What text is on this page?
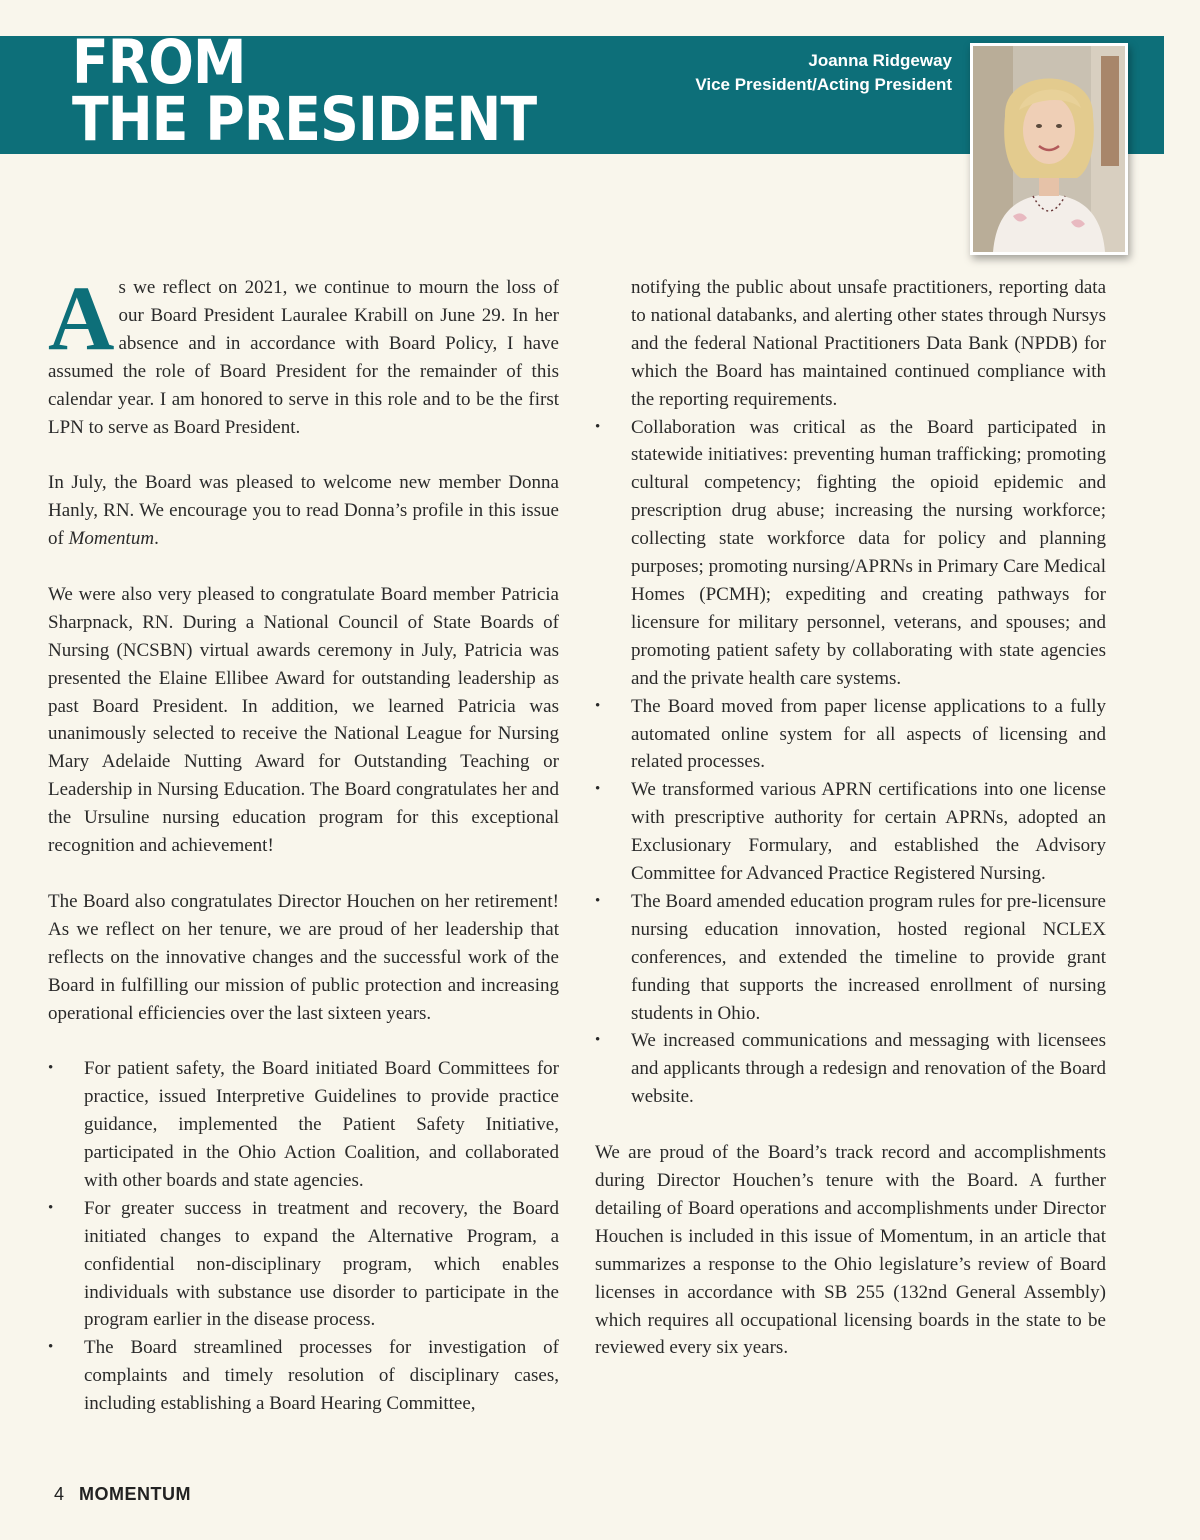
FROM
THE PRESIDENT
Joanna Ridgeway
Vice President/Acting President

As we reflect on 2021, we continue to mourn the loss of our Board President Lauralee Krabill on June 29. In her absence and in accordance with Board Policy, I have assumed the role of Board President for the remainder of this calendar year. I am honored to serve in this role and to be the first LPN to serve as Board President.

In July, the Board was pleased to welcome new member Donna Hanly, RN. We encourage you to read Donna’s profile in this issue of Momentum.

We were also very pleased to congratulate Board member Patricia Sharpnack, RN. During a National Council of State Boards of Nursing (NCSBN) virtual awards ceremony in July, Patricia was presented the Elaine Ellibee Award for outstanding leadership as past Board President. In addition, we learned Patricia was unanimously selected to receive the National League for Nursing Mary Adelaide Nutting Award for Outstanding Teaching or Leadership in Nursing Education. The Board congratulates her and the Ursuline nursing education program for this exceptional recognition and achievement!

The Board also congratulates Director Houchen on her retirement! As we reflect on her tenure, we are proud of her leadership that reflects on the innovative changes and the successful work of the Board in fulfilling our mission of public protection and increasing operational efficiencies over the last sixteen years.

• For patient safety, the Board initiated Board Committees for practice, issued Interpretive Guidelines to provide practice guidance, implemented the Patient Safety Initiative, participated in the Ohio Action Coalition, and collaborated with other boards and state agencies.
• For greater success in treatment and recovery, the Board initiated changes to expand the Alternative Program, a confidential non-disciplinary program, which enables individuals with substance use disorder to participate in the program earlier in the disease process.
• The Board streamlined processes for investigation of complaints and timely resolution of disciplinary cases, including establishing a Board Hearing Committee,
notifying the public about unsafe practitioners, reporting data to national databanks, and alerting other states through Nursys and the federal National Practitioners Data Bank (NPDB) for which the Board has maintained continued compliance with the reporting requirements.
• Collaboration was critical as the Board participated in statewide initiatives: preventing human trafficking; promoting cultural competency; fighting the opioid epidemic and prescription drug abuse; increasing the nursing workforce; collecting state workforce data for policy and planning purposes; promoting nursing/APRNs in Primary Care Medical Homes (PCMH); expediting and creating pathways for licensure for military personnel, veterans, and spouses; and promoting patient safety by collaborating with state agencies and the private health care systems.
• The Board moved from paper license applications to a fully automated online system for all aspects of licensing and related processes.
• We transformed various APRN certifications into one license with prescriptive authority for certain APRNs, adopted an Exclusionary Formulary, and established the Advisory Committee for Advanced Practice Registered Nursing.
• The Board amended education program rules for pre-licensure nursing education innovation, hosted regional NCLEX conferences, and extended the timeline to provide grant funding that supports the increased enrollment of nursing students in Ohio.
• We increased communications and messaging with licensees and applicants through a redesign and renovation of the Board website.

We are proud of the Board’s track record and accomplishments during Director Houchen’s tenure with the Board. A further detailing of Board operations and accomplishments under Director Houchen is included in this issue of Momentum, in an article that summarizes a response to the Ohio legislature’s review of Board licenses in accordance with SB 255 (132nd General Assembly) which requires all occupational licensing boards in the state to be reviewed every six years.

4 MOMENTUM
